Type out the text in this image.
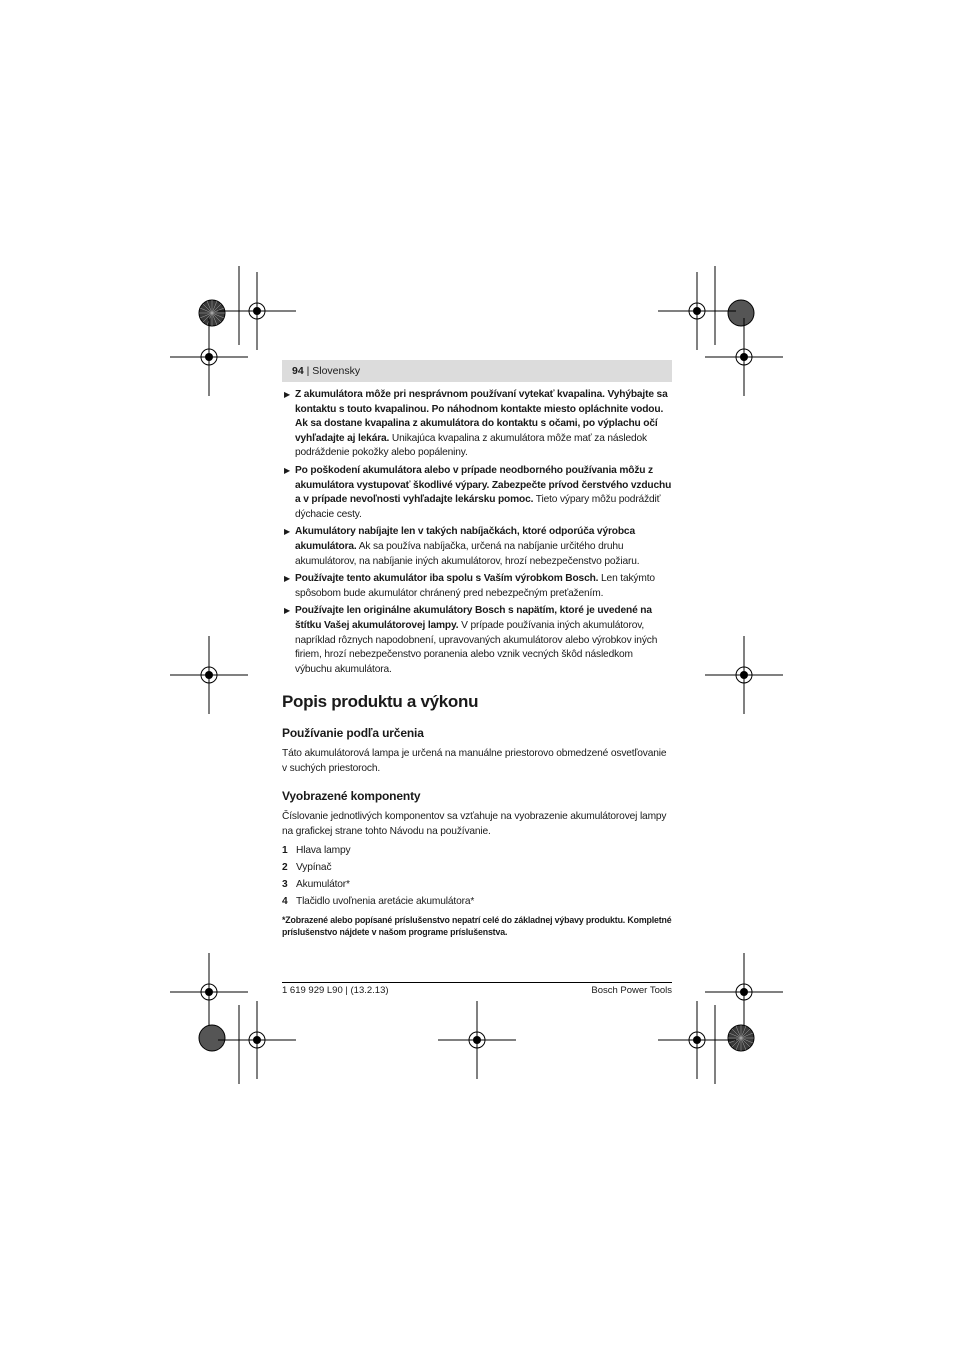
94 | Slovensky
▶ Z akumulátora môže pri nesprávnom používaní vytekať kvapalina. Vyhýbajte sa kontaktu s touto kvapalinou. Po náhodnom kontakte miesto opláchnite vodou. Ak sa dostane kvapalina z akumulátora do kontaktu s očami, po výplachu očí vyhľadajte aj lekára. Unikajúca kvapalina z akumulátora môže mať za následok podráždenie pokožky alebo popáleniny.
▶ Po poškodení akumulátora alebo v prípade neodborného používania môžu z akumulátora vystupovať škodlivé výpary. Zabezpečte prívod čerstvého vzduchu a v prípade nevoľnosti vyhľadajte lekársku pomoc. Tieto výpary môžu podráždiť dýchacie cesty.
▶ Akumulátory nabíjajte len v takých nabíjačkách, ktoré odporúča výrobca akumulátora. Ak sa používa nabíjačka, určená na nabíjanie určitého druhu akumulátorov, na nabíjanie iných akumulátorov, hrozí nebezpečenstvo požiaru.
▶ Používajte tento akumulátor iba spolu s Vaším výrobkom Bosch. Len takýmto spôsobom bude akumulátor chránený pred nebezpečným preťažením.
▶ Používajte len originálne akumulátory Bosch s napätím, ktoré je uvedené na štítku Vašej akumulátorovej lampy. V prípade používania iných akumulátorov, napríklad rôznych napodobnení, upravovaných akumulátorov alebo výrobkov iných firiem, hrozí nebezpečenstvo poranenia alebo vznik vecných škôd následkom výbuchu akumulátora.
Popis produktu a výkonu
Používanie podľa určenia

Táto akumulátorová lampa je určená na manuálne priestorovo obmedzené osvetľovanie v suchých priestoroch.

Vyobrazené komponenty

Číslovanie jednotlivých komponentov sa vzťahuje na vyobrazenie akumulátorovej lampy na grafickej strane tohto Návodu na používanie.

1 Hlava lampy
2 Vypínač
3 Akumulátor*
4 Tlačidlo uvoľnenia aretácie akumulátora*

*Zobrazené alebo popísané príslušenstvo nepatrí celé do základnej výbavy produktu. Kompletné príslušenstvo nájdete v našom programe príslušenstva.

1 619 929 L90 | (13.2.13)	Bosch Power Tools
